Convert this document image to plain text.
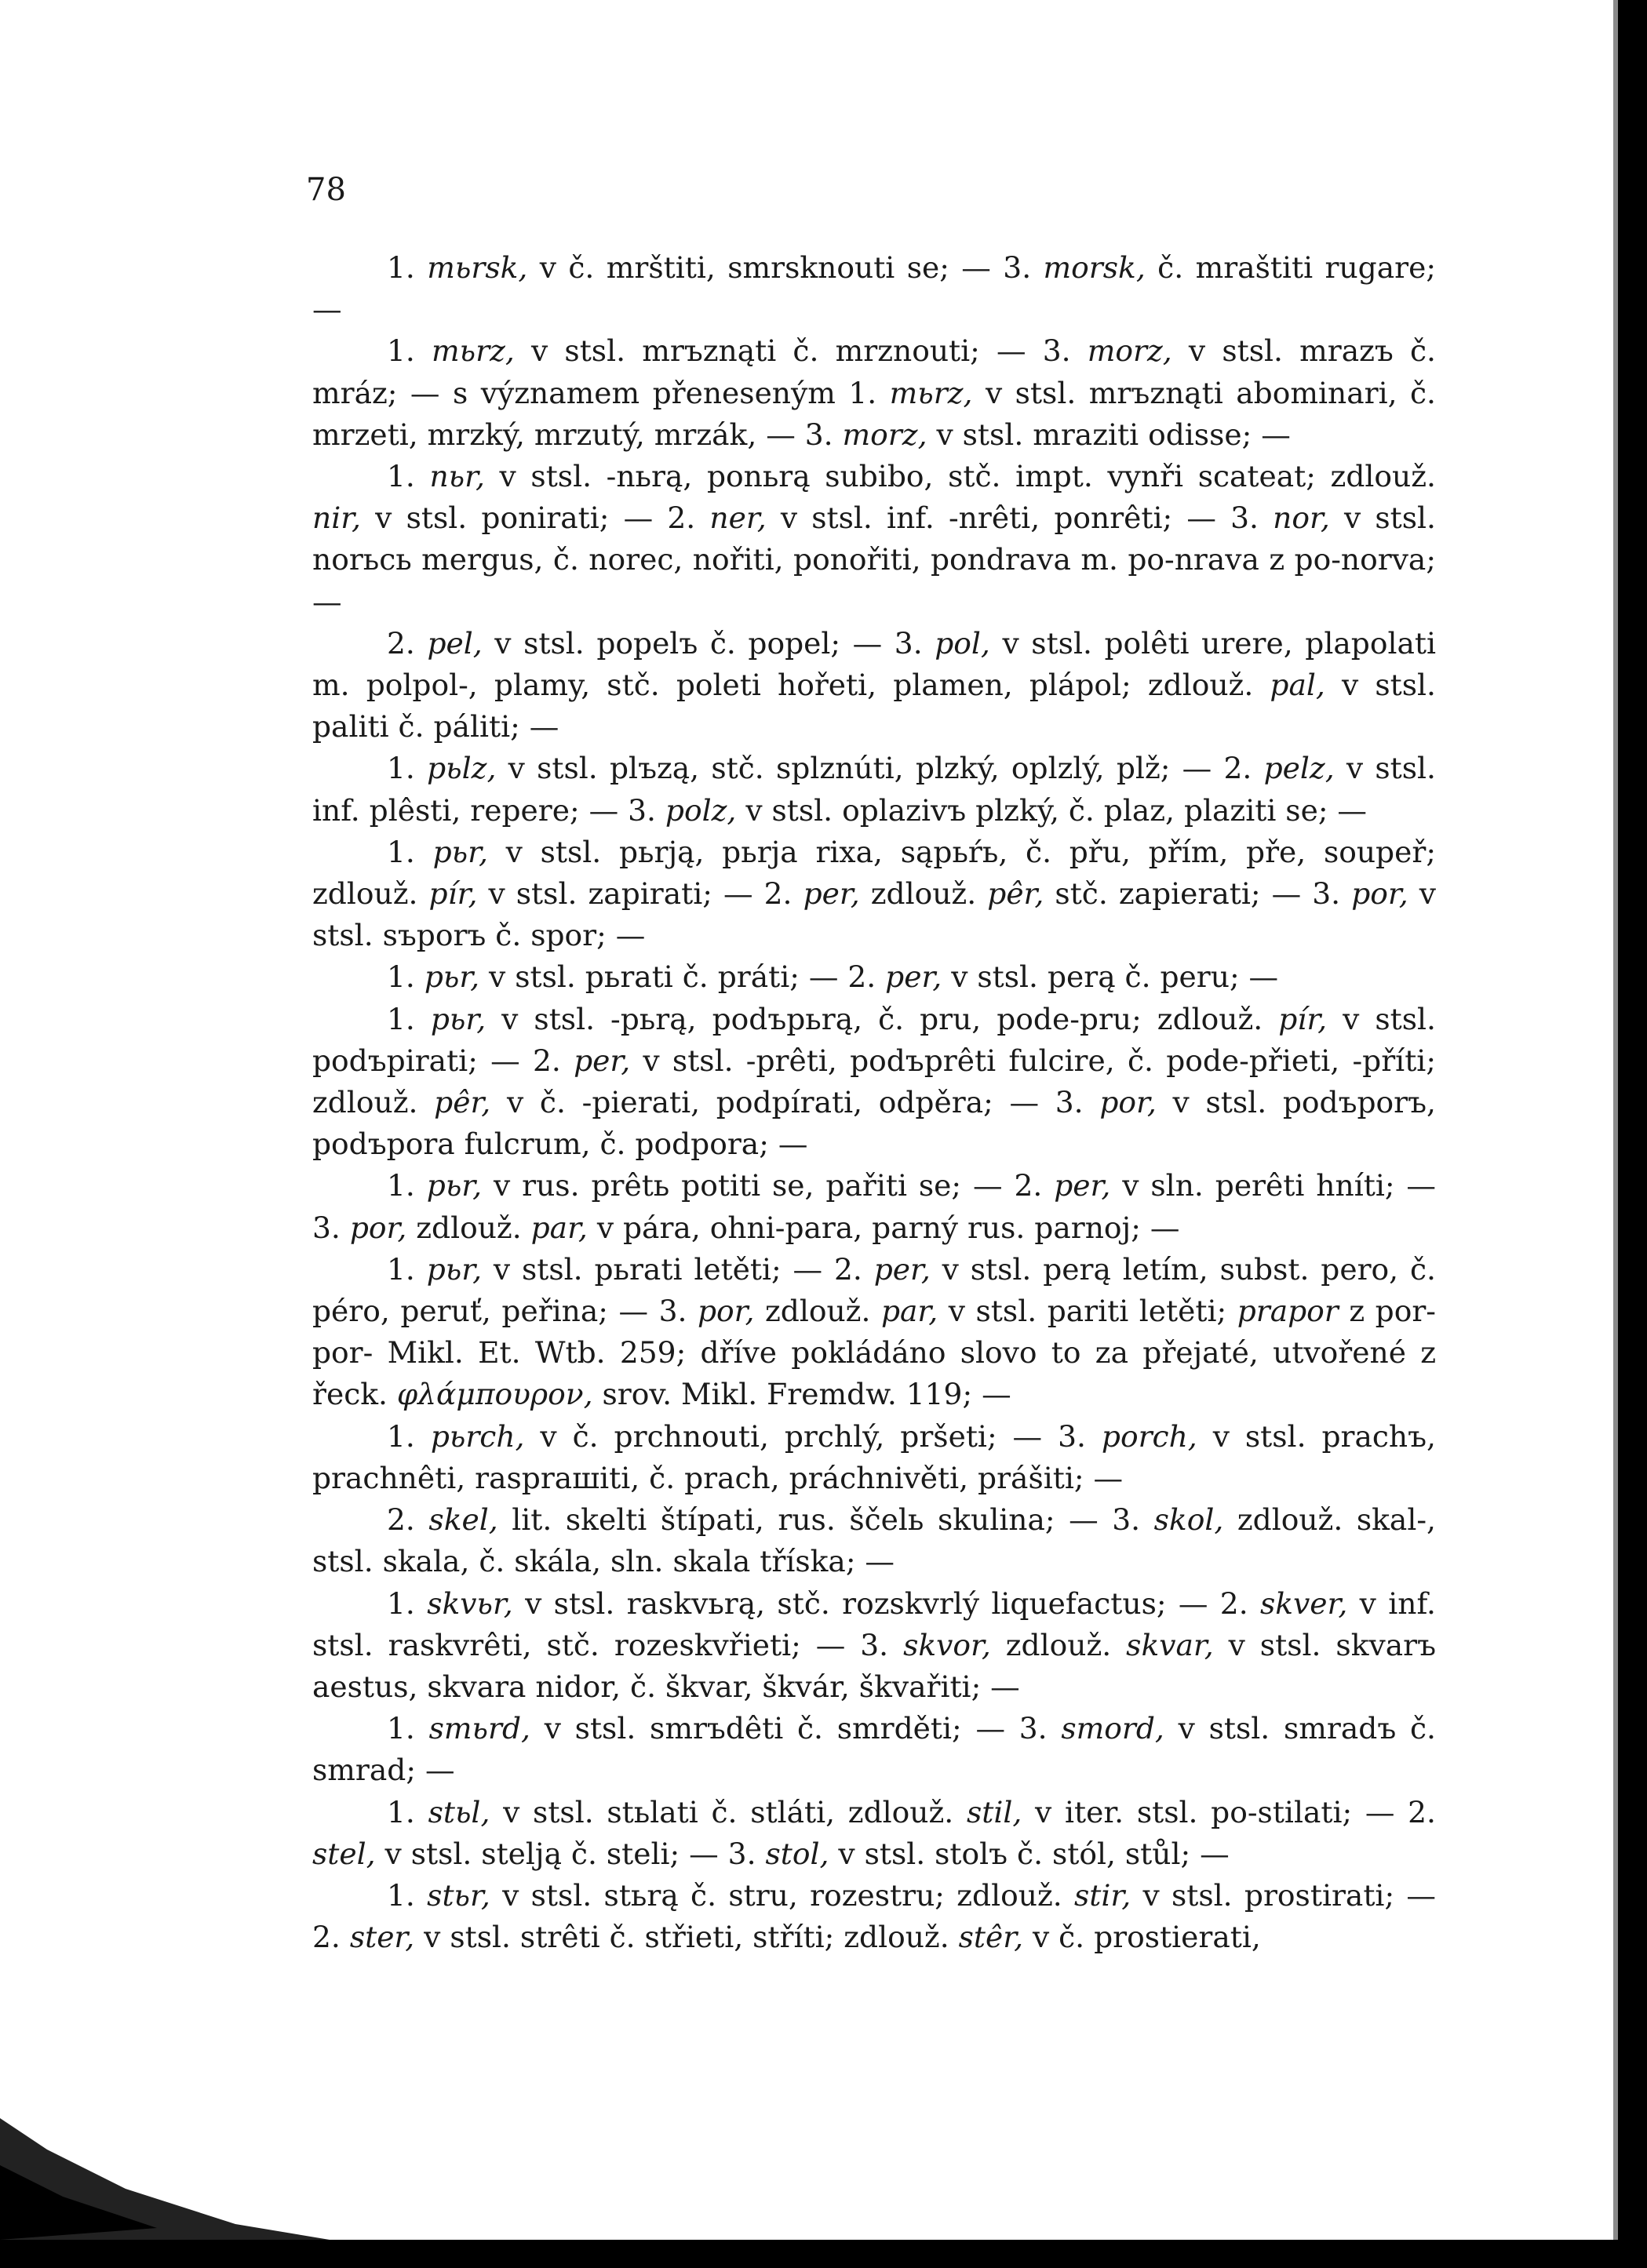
78

1. mьrsk, v č. mrštiti, smrsknouti se; — 3. morsk, č. mraštiti rugare; —

1. mьrz, v stsl. mrъznąti č. mrznouti; — 3. morz, v stsl. mrazъ č. mráz; — s významem přeneseným 1. mьrz, v stsl. mrъznąti abominari, č. mrzeti, mrzký, mrzutý, mrzák, — 3. morz, v stsl. mraziti odisse; —

1. nьr, v stsl. -nьrą, ponьrą subibo, stč. impt. vynři scateat; zdlouž. nir, v stsl. ponirati; — 2. ner, v stsl. inf. -nrêti, ponrêti; — 3. nor, v stsl. norьcь mergus, č. norec, nořiti, ponořiti, pondrava m. po-nrava z po-norva; —

2. pel, v stsl. popelъ č. popel; — 3. pol, v stsl. polêti urere, plapolati m. polpol-, plamy, stč. poleti hořeti, plamen, plápol; zdlouž. pal, v stsl. paliti č. páliti; —

1. pьlz, v stsl. plъzą, stč. splznúti, plzký, oplzlý, plž; — 2. pelz, v stsl. inf. plêsti, repere; — 3. polz, v stsl. oplazivъ plzký, č. plaz, plaziti se; —

1. pьr, v stsl. pьrją, pьrja rixa, sąpьŕь, č. přu, přím, pře, soupeř; zdlouž. pír, v stsl. zapirati; — 2. per, zdlouž. pêr, stč. zapierati; — 3. por, v stsl. sъporъ č. spor; —

1. pьr, v stsl. pьrati č. práti; — 2. per, v stsl. perą č. peru; —

1. pьr, v stsl. -pьrą, podъpьrą, č. pru, pode-pru; zdlouž. pír, v stsl. podъpirati; — 2. per, v stsl. -prêti, podъprêti fulcire, č. pode-přieti, -příti; zdlouž. pêr, v č. -pierati, podpírati, odpěra; — 3. por, v stsl. podъporъ, podъpora fulcrum, č. podpora; —

1. pьr, v rus. prêtь potiti se, pařiti se; — 2. per, v sln. perêti hníti; — 3. por, zdlouž. par, v pára, ohni-para, parný rus. parnoj; —

1. pьr, v stsl. pьrati letěti; — 2. per, v stsl. perą letím, subst. pero, č. péro, peruť, peřina; — 3. por, zdlouž. par, v stsl. pariti letěti; prapor z por-por- Mikl. Et. Wtb. 259; dříve pokládáno slovo to za přejaté, utvořené z řeck. φλάμπουρον, srov. Mikl. Fremdw. 119; —

1. pьrch, v č. prchnouti, prchlý, pršeti; — 3. porch, v stsl. prachъ, prachnêti, raspraшiti, č. prach, práchnivěti, prášiti; —

2. skel, lit. skelti štípati, rus. ščelь skulina; — 3. skol, zdlouž. skal-, stsl. skala, č. skála, sln. skala tříska; —

1. skvьr, v stsl. raskvьrą, stč. rozskvrlý liquefactus; — 2. skver, v inf. stsl. raskvrêti, stč. rozeskvřieti; — 3. skvor, zdlouž. skvar, v stsl. skvarъ aestus, skvara nidor, č. škvar, škvár, škvařiti; —

1. smьrd, v stsl. smrъdêti č. smrděti; — 3. smord, v stsl. smradъ č. smrad; —

1. stьl, v stsl. stьlati č. stláti, zdlouž. stil, v iter. stsl. po-stilati; — 2. stel, v stsl. stelją č. steli; — 3. stol, v stsl. stolъ č. stól, stůl; —

1. stьr, v stsl. stьrą č. stru, rozestru; zdlouž. stir, v stsl. prostirati; — 2. ster, v stsl. strêti č. střieti, stříti; zdlouž. stêr, v č. prostierati,
